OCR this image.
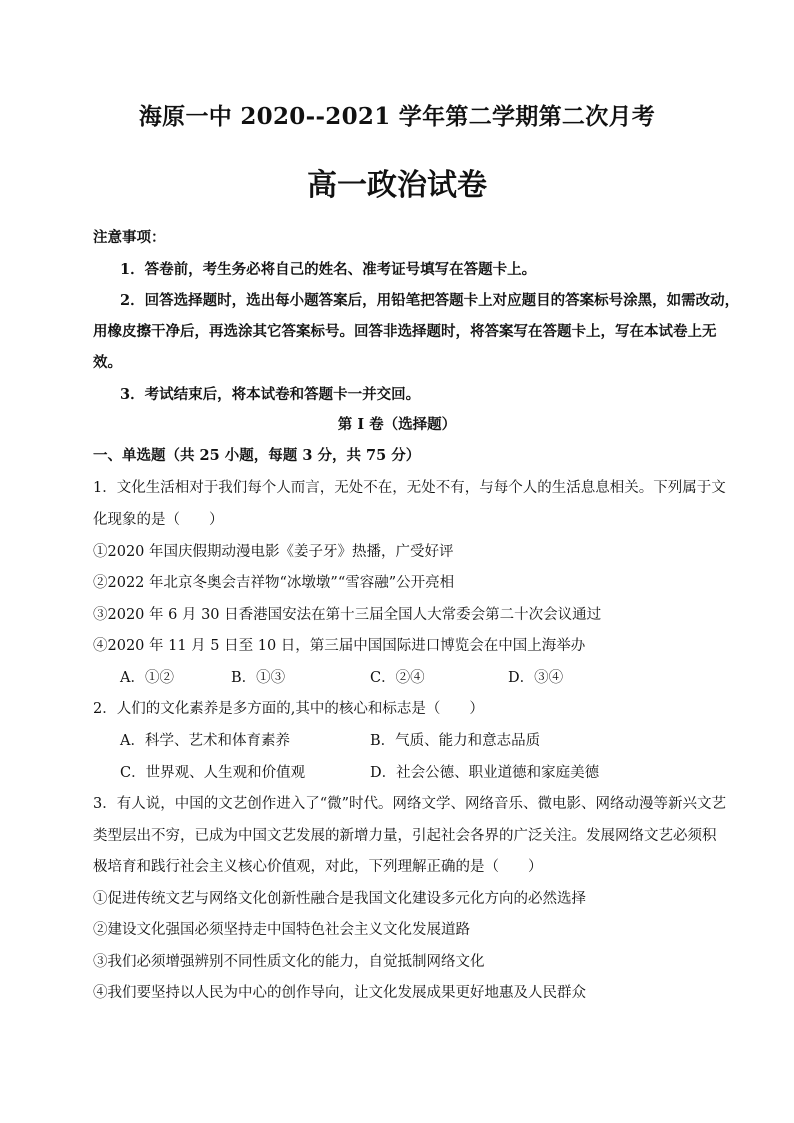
海原一中 2020--2021 学年第二学期第二次月考
高一政治试卷
注意事项：
1．答卷前，考生务必将自己的姓名、准考证号填写在答题卡上。
2．回答选择题时，选出每小题答案后，用铅笔把答题卡上对应题目的答案标号涂黑，如需改动，
用橡皮擦干净后，再选涂其它答案标号。回答非选择题时，将答案写在答题卡上，写在本试卷上无
效。
3．考试结束后，将本试卷和答题卡一并交回。
第 I 卷（选择题）
一、单选题（共 25 小题，每题 3 分，共 75 分）
1．文化生活相对于我们每个人而言，无处不在，无处不有，与每个人的生活息息相关。下列属于文
化现象的是（　　）
①2020 年国庆假期动漫电影《姜子牙》热播，广受好评
②2022 年北京冬奥会吉祥物“冰墩墩”“雪容融”公开亮相
③2020 年 6 月 30 日香港国安法在第十三届全国人大常委会第二十次会议通过
④2020 年 11 月 5 日至 10 日，第三届中国国际进口博览会在中国上海举办
A．①②	B．①③	C．②④	D．③④
2．人们的文化素养是多方面的,其中的核心和标志是（　　）
A．科学、艺术和体育素养	B．气质、能力和意志品质
C．世界观、人生观和价值观	D．社会公德、职业道德和家庭美德
3．有人说，中国的文艺创作进入了“微”时代。网络文学、网络音乐、微电影、网络动漫等新兴文艺
类型层出不穷，已成为中国文艺发展的新增力量，引起社会各界的广泛关注。发展网络文艺必须积
极培育和践行社会主义核心价值观，对此，下列理解正确的是（　　）
①促进传统文艺与网络文化创新性融合是我国文化建设多元化方向的必然选择
②建设文化强国必须坚持走中国特色社会主义文化发展道路
③我们必须增强辨别不同性质文化的能力，自觉抵制网络文化
④我们要坚持以人民为中心的创作导向，让文化发展成果更好地惠及人民群众
